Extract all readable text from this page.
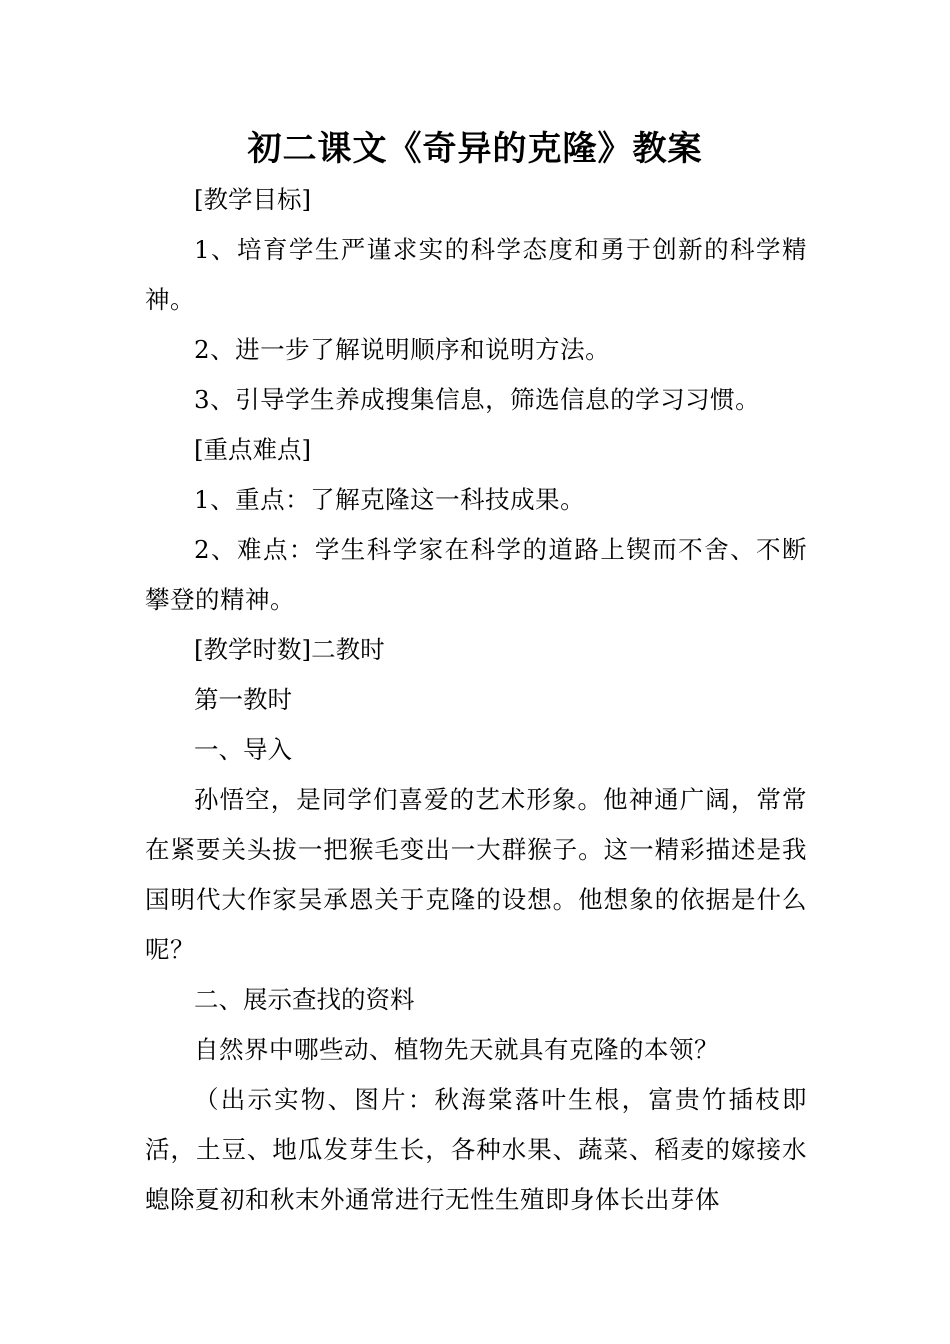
初二课文《奇异的克隆》教案

[教学目标]

1、培育学生严谨求实的科学态度和勇于创新的科学精神。

2、进一步了解说明顺序和说明方法。

3、引导学生养成搜集信息，筛选信息的学习习惯。

[重点难点]

1、重点：了解克隆这一科技成果。

2、难点：学生科学家在科学的道路上锲而不舍、不断攀登的精神。

[教学时数]二教时

第一教时

一、导入

孙悟空，是同学们喜爱的艺术形象。他神通广阔，常常在紧要关头拔一把猴毛变出一大群猴子。这一精彩描述是我国明代大作家吴承恩关于克隆的设想。他想象的依据是什么呢？

二、展示查找的资料

自然界中哪些动、植物先天就具有克隆的本领？

（出示实物、图片：秋海棠落叶生根，富贵竹插枝即活，土豆、地瓜发芽生长，各种水果、蔬菜、稻麦的嫁接水螅除夏初和秋末外通常进行无性生殖即身体长出芽体
